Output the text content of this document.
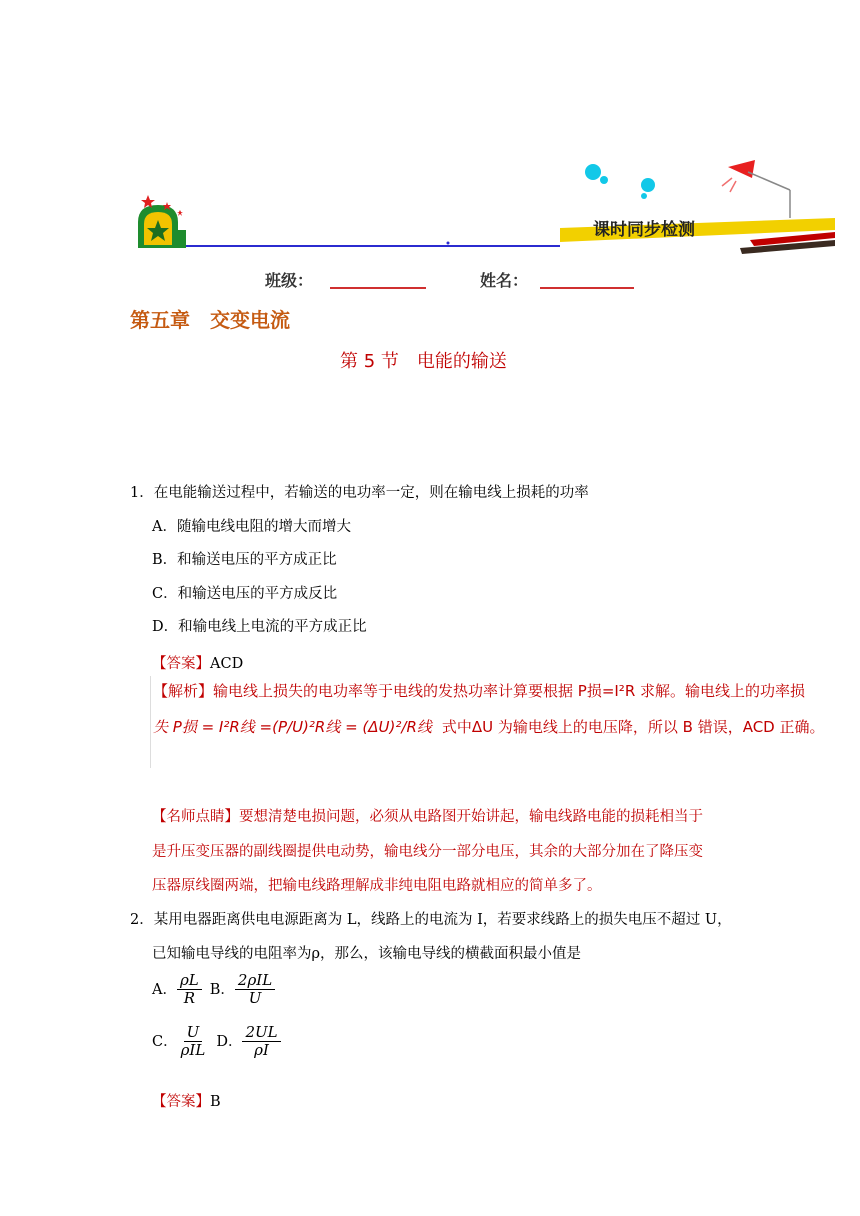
课时同步检测
班级：	姓名：
第五章　交变电流
第 5 节　电能的输送
1．在电能输送过程中，若输送的电功率一定，则在输电线上损耗的功率
A．随输电线电阻的增大而增大
B．和输送电压的平方成正比
C．和输送电压的平方成反比
D．和输电线上电流的平方成正比
【答案】ACD
【解析】输电线上损失的电功率等于电线的发热功率计算要根据 P损=I²R 求解。输电线上的功率损
失 P损 = I²R线 =(P/U)²R线 = (ΔU)²/R线 式中ΔU 为输电线上的电压降，所以 B 错误，ACD 正确。
【名师点睛】要想清楚电损问题，必须从电路图开始讲起，输电线路电能的损耗相当于
是升压变压器的副线圈提供电动势，输电线分一部分电压，其余的大部分加在了降压变
压器原线圈两端，把输电线路理解成非纯电阻电路就相应的简单多了。
2．某用电器距离供电电源距离为 L，线路上的电流为 I，若要求线路上的损失电压不超过 U，
已知输电导线的电阻率为ρ，那么，该输电导线的横截面积最小值是
A． $\frac{\rho L}{R}$ B． $\frac{\text{2ρIL}}{U}$
C． $\frac{U}{\text{ρIL}}$ D． $\frac{2UL}{\rho I}$
【答案】B
